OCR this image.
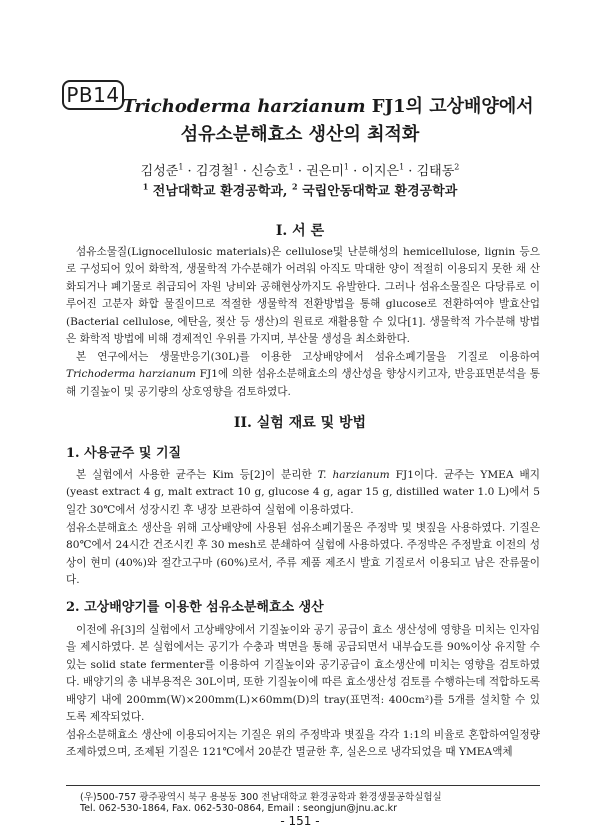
PB14 Trichoderma harzianum FJ1의 고상배양에서
섬유소분해효소 생산의 최적화
김성준$^1$ · 김경철$^1$ · 신승호$^1$ · 권은미$^1$ · 이지은$^1$ · 김태동$^2$
$^1$ 전남대학교 환경공학과, $^2$ 국립안동대학교 환경공학과
I. 서 론

섬유소물질(Lignocellulosic materials)은 cellulose및 난분해성의 hemicellulose, lignin 등으로 구성되어 있어 화학적, 생물학적 가수분해가 어려워 아직도 막대한 양이 적절히 이용되지 못한 채 산화되거나 폐기물로 취급되어 자원 낭비와 공해현상까지도 유발한다. 그러나 섬유소물질은 다당류로 이루어진 고분자 화합 물질이므로 적절한 생물학적 전환방법을 통해 glucose로 전환하여야 발효산업(Bacterial cellulose, 에탄올, 젖산 등 생산)의 원료로 재활용할 수 있다[1]. 생물학적 가수분해 방법은 화학적 방법에 비해 경제적인 우위를 가지며, 부산물 생성을 최소화한다.

본 연구에서는 생물반응기(30L)를 이용한 고상배양에서 섬유소폐기물을 기질로 이용하여 Trichoderma harzianum FJ1에 의한 섬유소분해효소의 생산성을 향상시키고자, 반응표면분석을 통해 기질높이 및 공기량의 상호영향을 검토하였다.

II. 실험 재료 및 방법
1. 사용균주 및 기질

본 실험에서 사용한 균주는 Kim 등[2]이 분리한 T. harzianum FJ1이다. 균주는 YMEA 배지(yeast extract 4 g, malt extract 10 g, glucose 4 g, agar 15 g, distilled water 1.0 L)에서 5일간 30℃에서 성장시킨 후 냉장 보관하여 실험에 이용하였다.

섬유소분해효소 생산을 위해 고상배양에 사용된 섬유소폐기물은 주정박 및 볏짚을 사용하였다. 기질은 80℃에서 24시간 건조시킨 후 30 mesh로 분쇄하여 실험에 사용하였다. 주정박은 주정발효 이전의 성상이 현미 (40%)와 절간고구마 (60%)로서, 주류 제품 제조시 발효 기질로서 이용되고 남은 잔류물이다.

2. 고상배양기를 이용한 섬유소분해효소 생산

이전에 유[3]의 실험에서 고상배양에서 기질높이와 공기 공급이 효소 생산성에 영향을 미치는 인자임을 제시하였다. 본 실험에서는 공기가 수충과 벽면을 통해 공급되면서 내부습도를 90%이상 유지할 수 있는 solid state fermenter를 이용하여 기질높이와 공기공급이 효소생산에 미치는 영향을 검토하였다. 배양기의 총 내부용적은 30L이며, 또한 기질높이에 따른 효소생산성 검토를 수행하는데 적합하도록 배양기 내에 200mm(W)×200mm(L)×60mm(D)의 tray(표면적: 400cm²)를 5개를 설치할 수 있도록 제작되었다.

섬유소분해효소 생산에 이용되어지는 기질은 위의 주정박과 볏짚을 각각 1:1의 비율로 혼합하여일정량 조제하였으며, 조제된 기질은 121℃에서 20분간 멸균한 후, 실온으로 냉각되었을 때 YMEA액체

(우)500-757 광주광역시 북구 용봉동 300 전남대학교 환경공학과 환경생물공학실험실
Tel. 062-530-1864, Fax. 062-530-0864, Email : seongjun@jnu.ac.kr
- 151 -
